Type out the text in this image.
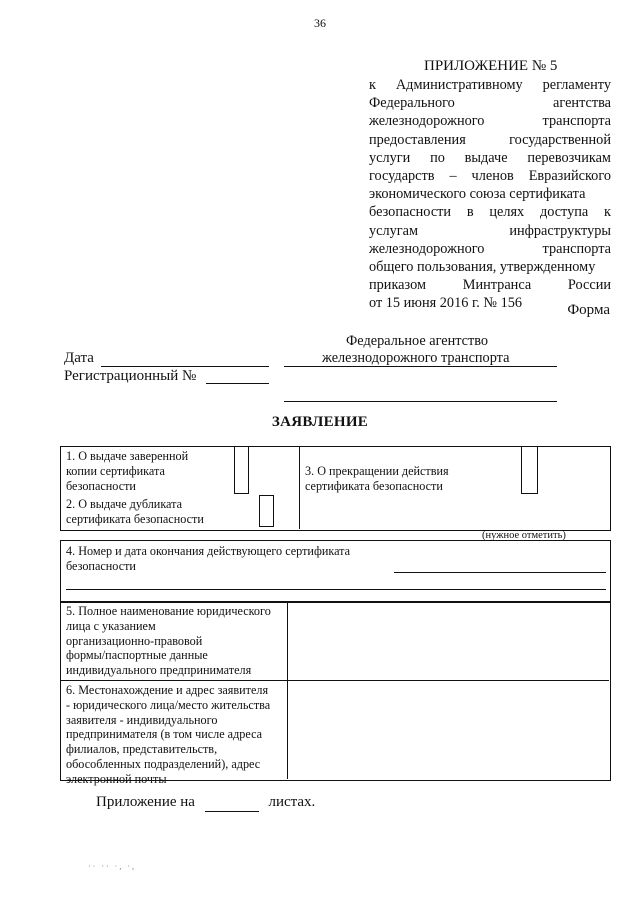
36
ПРИЛОЖЕНИЕ № 5
к Административному регламенту
Федерального	агентства
железнодорожного	транспорта
предоставления	государственной
услуги по выдаче перевозчикам
государств – членов Евразийского
экономического союза сертификата
безопасности в целях доступа к
услугам	инфраструктуры
железнодорожного	транспорта
общего пользования, утвержденному
приказом	Минтранса	России
от 15 июня 2016 г. № 156	Форма
Федеральное агентство
Дата	железнодорожного транспорта
Регистрационный №
ЗАЯВЛЕНИЕ
1. О выдаче заверенной
копии сертификата
безопасности
2. О выдаче дубликата
сертификата безопасности
3. О прекращении действия
сертификата безопасности
(нужное отметить)
4. Номер и дата окончания действующего сертификата
безопасности
5. Полное наименование юридического
лица с указанием
организационно-правовой
формы/паспортные данные
индивидуального предпринимателя
6. Местонахождение и адрес заявителя
- юридического лица/место жительства
заявителя - индивидуального
предпринимателя (в том числе адреса
филиалов, представительств,
обособленных подразделений), адрес
электронной почты
Приложение на	листах.
·· ·· ·, ·,
